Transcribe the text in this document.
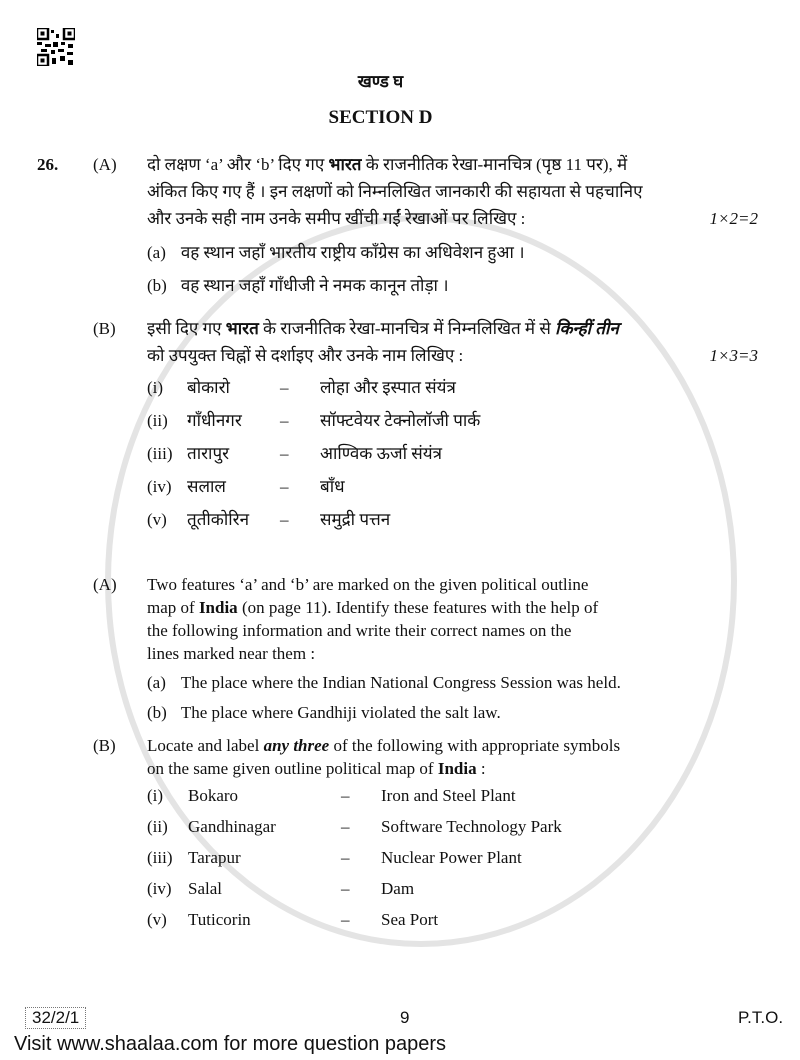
खण्ड घ
SECTION D
26.	(A)	दो लक्षण ‘a’ और ‘b’ दिए गए भारत के राजनीतिक रेखा-मानचित्र (पृष्ठ 11 पर), में
अंकित किए गए हैं । इन लक्षणों को निम्नलिखित जानकारी की सहायता से पहचानिए
और उनके सही नाम उनके समीप खींची गईं रेखाओं पर लिखिए :	1×2=2
(a)	वह स्थान जहाँ भारतीय राष्ट्रीय काँग्रेस का अधिवेशन हुआ ।
(b)	वह स्थान जहाँ गाँधीजी ने नमक कानून तोड़ा ।
(B)	इसी दिए गए भारत के राजनीतिक रेखा-मानचित्र में निम्नलिखित में से किन्हीं तीन
को उपयुक्त चिह्नों से दर्शाइए और उनके नाम लिखिए :	1×3=3
(i)	बोकारो	–	लोहा और इस्पात संयंत्र
(ii)	गाँधीनगर	–	सॉफ्टवेयर टेक्नोलॉजी पार्क
(iii)	तारापुर	–	आण्विक ऊर्जा संयंत्र
(iv)	सलाल	–	बाँध
(v)	तूतीकोरिन	–	समुद्री पत्तन
(A)	Two features ‘a’ and ‘b’ are marked on the given political outline
map of India (on page 11). Identify these features with the help of
the following information and write their correct names on the
lines marked near them :
(a)	The place where the Indian National Congress Session was held.
(b)	The place where Gandhiji violated the salt law.
(B)	Locate and label any three of the following with appropriate symbols
on the same given outline political map of India :
(i)	Bokaro	–	Iron and Steel Plant
(ii)	Gandhinagar	–	Software Technology Park
(iii)	Tarapur	–	Nuclear Power Plant
(iv)	Salal	–	Dam
(v)	Tuticorin	–	Sea Port
32/2/1	9	P.T.O.
Visit www.shaalaa.com for more question papers
